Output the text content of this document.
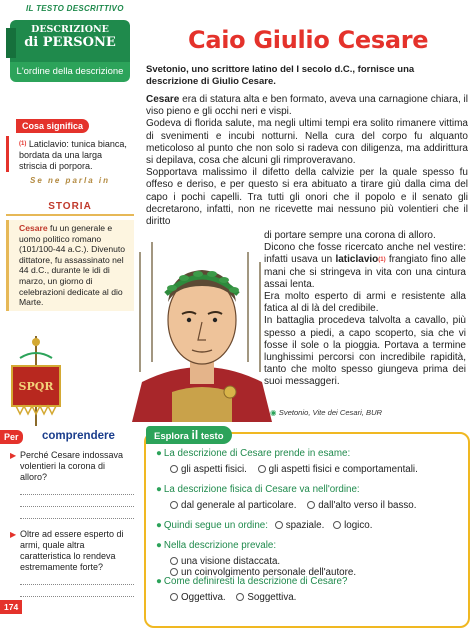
IL TESTO DESCRITTIVO
DESCRIZIONE
di PERSONE
L'ordine della descrizione
Cosa significa
$^{(1)}$ Laticlavio: tunica bianca, bordata da una larga striscia di porpora.
Se ne parla in
STORIA
Cesare fu un generale e uomo politico romano (101/100-44 a.C.). Divenuto dittatore, fu assassinato nel 44 d.C., durante le idi di marzo, un giorno di celebrazioni dedicate al dio Marte.
SPQR
Per	comprendere
▶ Perché Cesare indossava volentieri la corona di alloro?
▶ Oltre ad essere esperto di armi, quale altra caratteristica lo rendeva estremamente forte?
174
Caio Giulio Cesare
Svetonio, uno scrittore latino del I secolo d.C., fornisce una descrizione di Giulio Cesare.

Cesare era di statura alta e ben formato, aveva una carnagione chiara, il viso pieno e gli occhi neri e vispi.

Godeva di florida salute, ma negli ultimi tempi era solito rimanere vittima di svenimenti e incubi notturni. Nella cura del corpo fu alquanto meticoloso al punto che non solo si radeva con diligenza, ma addirittura si depilava, cosa che alcuni gli rimproveravano.

Sopportava malissimo il difetto della calvizie per la quale spesso fu offeso e deriso, e per questo si era abituato a tirare giù dalla cima del capo i pochi capelli. Tra tutti gli onori che il popolo e il senato gli decretarono, infatti, non ne ricevette mai nessuno più volentieri che il diritto

di portare sempre una corona di alloro.

Dicono che fosse ricercato anche nel vestire: infatti usava un laticlavio$^{(1)}$ frangiato fino alle mani che si stringeva in vita con una cintura assai lenta.

Era molto esperto di armi e resistente alla fatica al di là del credibile.

In battaglia procedeva talvolta a cavallo, più spesso a piedi, a capo scoperto, sia che vi fosse il sole o la pioggia. Portava a termine lunghissimi percorsi con incredibile rapidità, tanto che molto spesso giungeva prima dei suoi messaggeri.

◉ Svetonio, Vite dei Cesari, BUR
Esplora il testo
● La descrizione di Cesare prende in esame:
gli aspetti fisici. gli aspetti fisici e comportamentali.
● La descrizione fisica di Cesare va nell'ordine:
dal generale al particolare. dall'alto verso il basso.
● Quindi segue un ordine: spaziale. logico.
● Nella descrizione prevale:
una visione distaccata. un coinvolgimento personale dell'autore.
● Come definiresti la descrizione di Cesare?
Oggettiva. Soggettiva.
